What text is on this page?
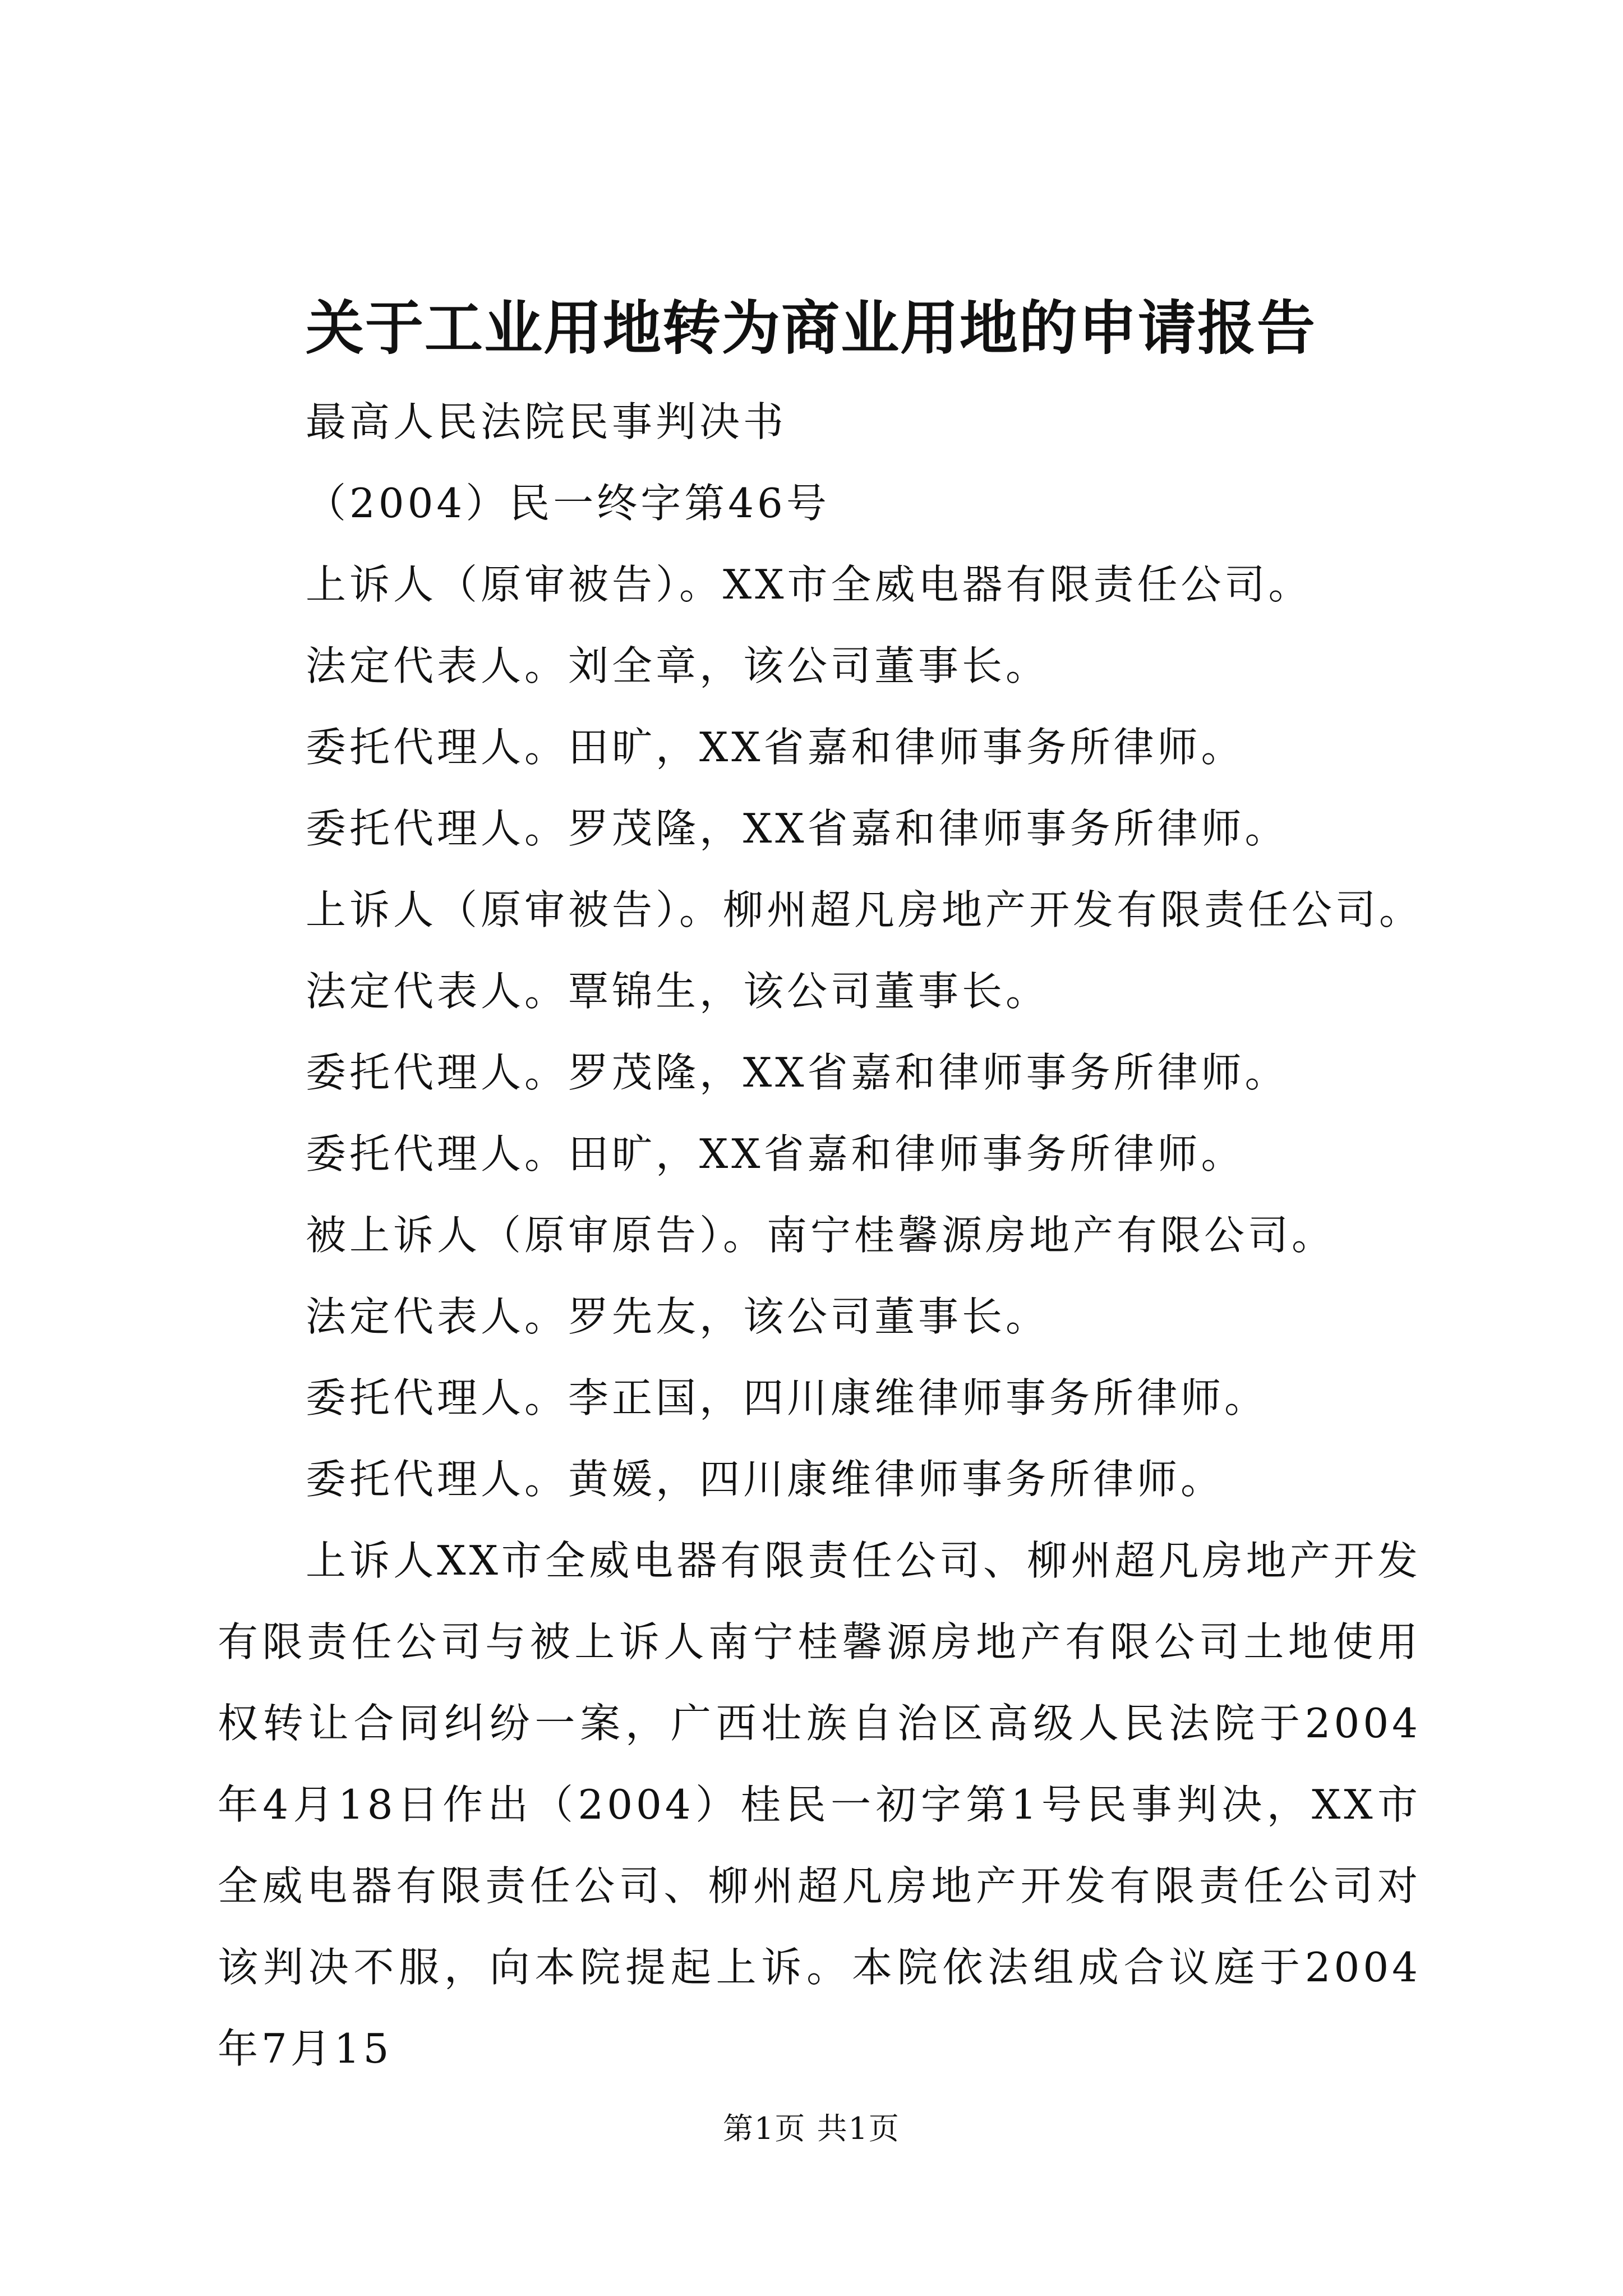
关于工业用地转为商业用地的申请报告
最高人民法院民事判决书
（2004）民一终字第46号
上诉人（原审被告）。XX市全威电器有限责任公司。
法定代表人。刘全章，该公司董事长。
委托代理人。田旷，XX省嘉和律师事务所律师。
委托代理人。罗茂隆，XX省嘉和律师事务所律师。
上诉人（原审被告）。柳州超凡房地产开发有限责任公司。
法定代表人。覃锦生，该公司董事长。
委托代理人。罗茂隆，XX省嘉和律师事务所律师。
委托代理人。田旷，XX省嘉和律师事务所律师。
被上诉人（原审原告）。南宁桂馨源房地产有限公司。
法定代表人。罗先友，该公司董事长。
委托代理人。李正国，四川康维律师事务所律师。
委托代理人。黄媛，四川康维律师事务所律师。

上诉人XX市全威电器有限责任公司、柳州超凡房地产开发有限责任公司与被上诉人南宁桂馨源房地产有限公司土地使用权转让合同纠纷一案，广西壮族自治区高级人民法院于2004年4月18日作出（2004）桂民一初字第1号民事判决，XX市全威电器有限责任公司、柳州超凡房地产开发有限责任公司对该判决不服，向本院提起上诉。本院依法组成合议庭于2004年7月15

第1页 共1页
